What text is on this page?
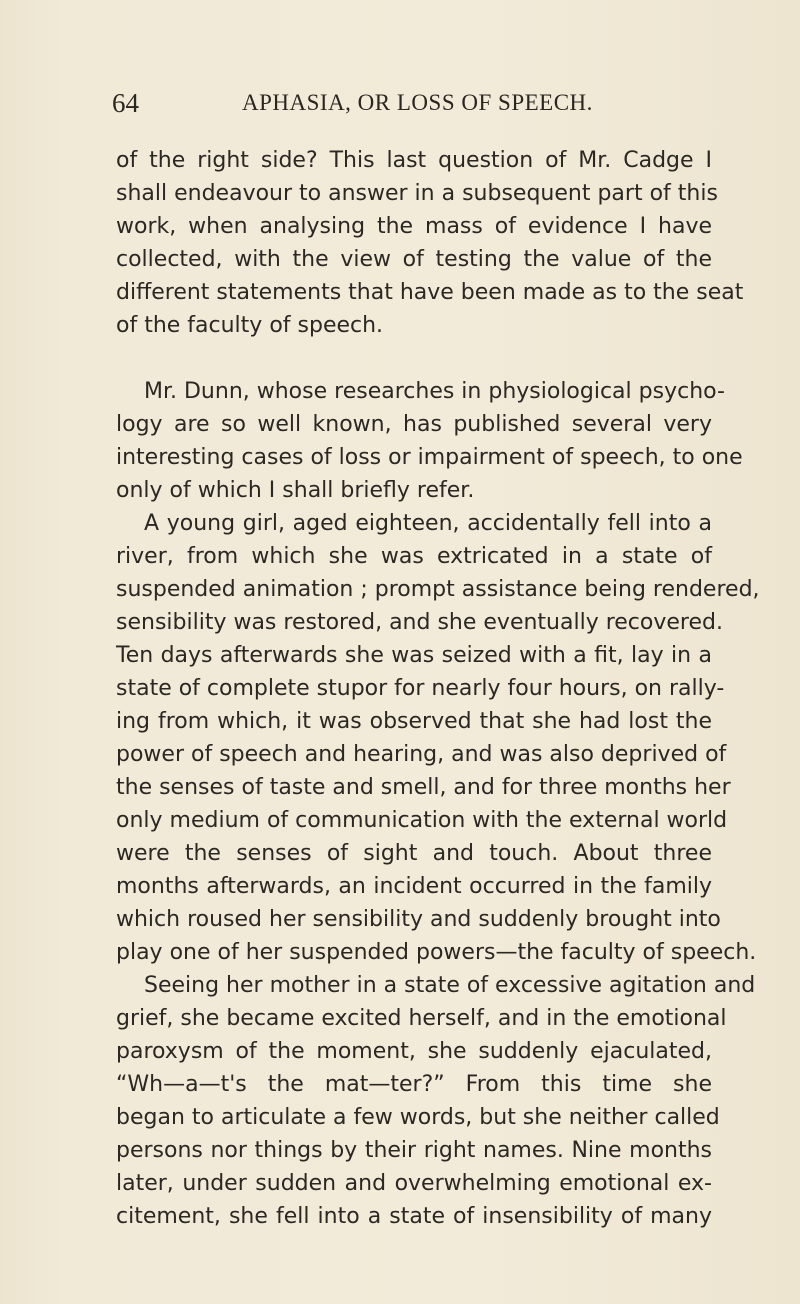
64	APHASIA, OR LOSS OF SPEECH.

of the right side? This last question of Mr. Cadge I
shall endeavour to answer in a subsequent part of this
work, when analysing the mass of evidence I have
collected, with the view of testing the value of the
different statements that have been made as to the seat
of the faculty of speech.

Mr. Dunn, whose researches in physiological psycho-
logy are so well known, has published several very
interesting cases of loss or impairment of speech, to one
only of which I shall briefly refer.

A young girl, aged eighteen, accidentally fell into a
river, from which she was extricated in a state of
suspended animation ; prompt assistance being rendered,
sensibility was restored, and she eventually recovered.
Ten days afterwards she was seized with a fit, lay in a
state of complete stupor for nearly four hours, on rally-
ing from which, it was observed that she had lost the
power of speech and hearing, and was also deprived of
the senses of taste and smell, and for three months her
only medium of communication with the external world
were the senses of sight and touch. About three
months afterwards, an incident occurred in the family
which roused her sensibility and suddenly brought into
play one of her suspended powers—the faculty of speech.
Seeing her mother in a state of excessive agitation and
grief, she became excited herself, and in the emotional
paroxysm of the moment, she suddenly ejaculated,
“Wh—a—t's the mat—ter?” From this time she
began to articulate a few words, but she neither called
persons nor things by their right names. Nine months
later, under sudden and overwhelming emotional ex-
citement, she fell into a state of insensibility of many
